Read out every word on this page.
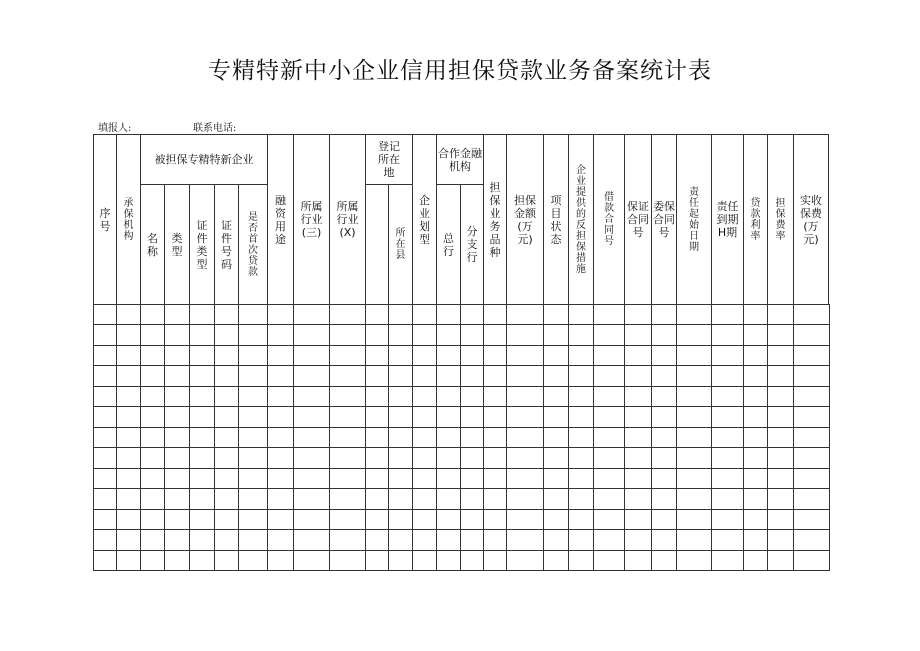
专精特新中小企业信用担保贷款业务备案统计表
填报人:	联系电话:
序号
承保机构
被担保专精特新企业
名称
类型
证件类型
证件号码
是否首次贷款
融资用途
所属行业(三)
所属行业(X)
登记所在地
所在县
企业划型
合作金融机构
总行
分支行
担保业务品种
担保金额(万元)
项目状态
企业提供的反担保措施
借款合同号
保证合同号
委保合同号
责任起始日期
责任到期H期
贷款利率
担保费率
实收保费(万元)
